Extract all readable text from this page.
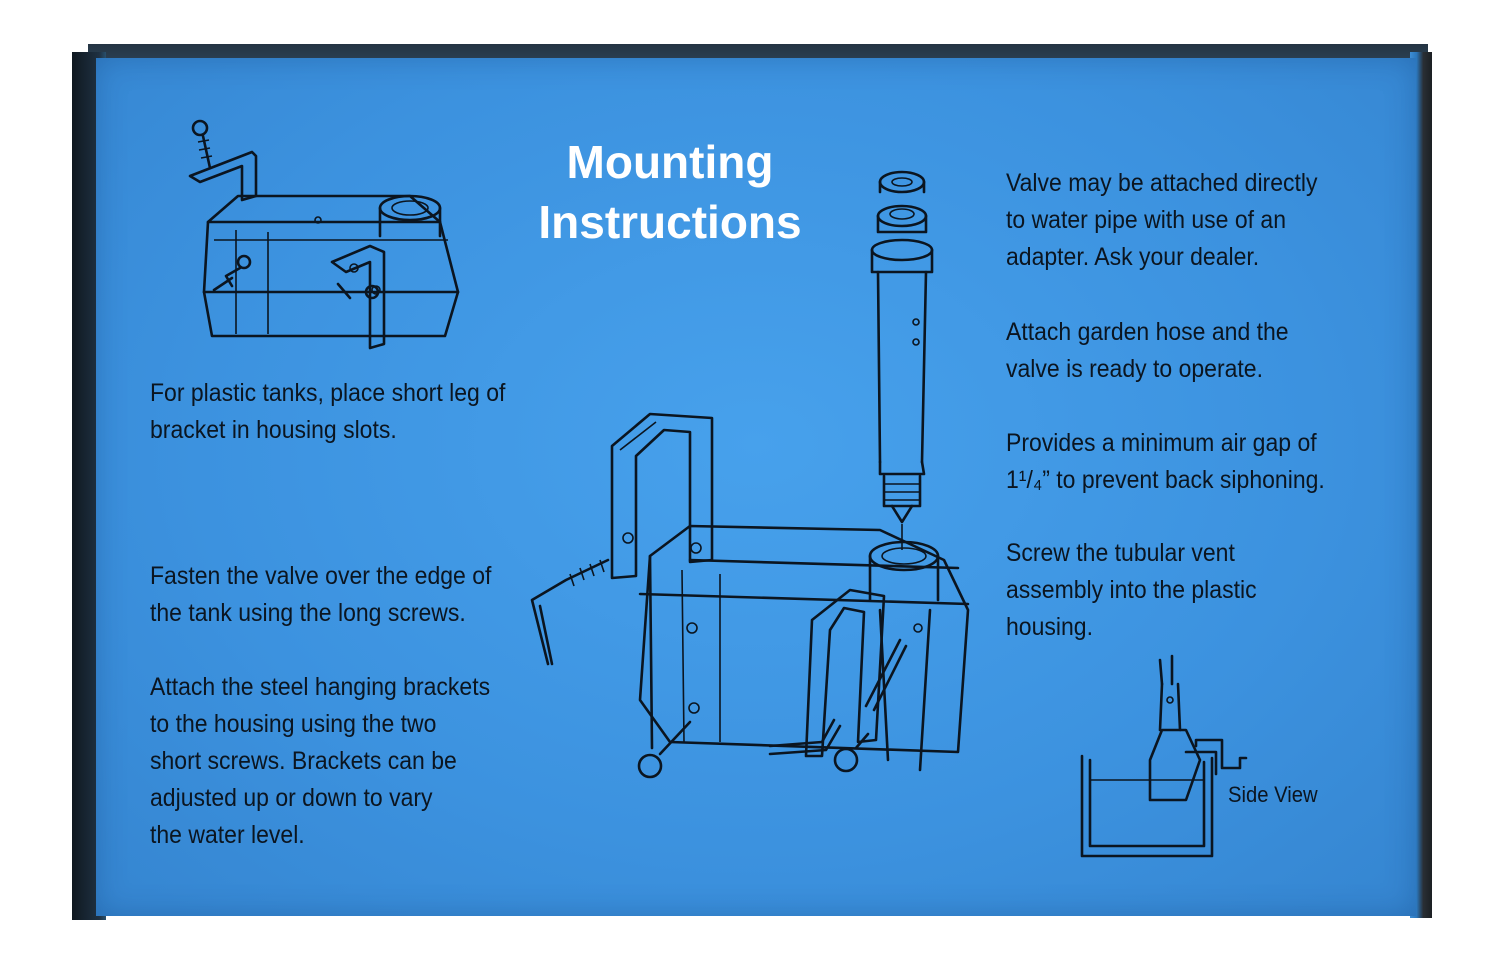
Mounting
Instructions
For plastic tanks, place short leg of
bracket in housing slots.
Fasten the valve over the edge of
the tank using the long screws.
Attach the steel hanging brackets
to the housing using the two
short screws. Brackets can be
adjusted up or down to vary
the water level.
Valve may be attached directly
to water pipe with use of an
adapter. Ask your dealer.
Attach garden hose and the
valve is ready to operate.
Provides a minimum air gap of
1¹/₄” to prevent back siphoning.
Screw the tubular vent
assembly into the plastic
housing.
Side View
